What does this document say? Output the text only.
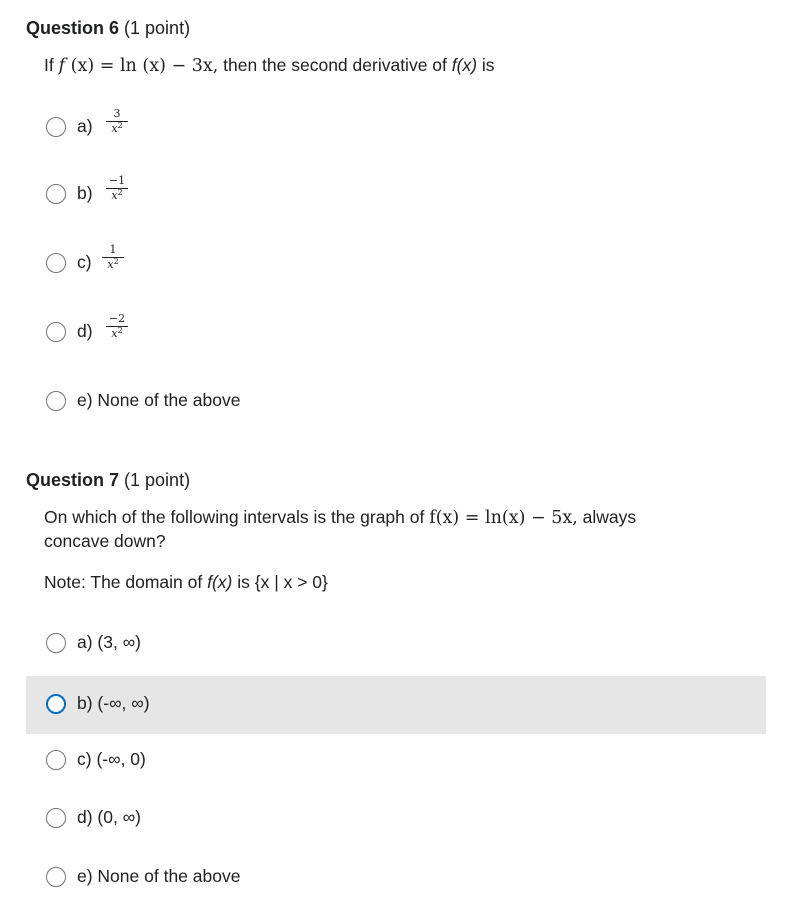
Question 6 (1 point)
If f (x) = ln (x) − 3x, then the second derivative of f(x) is
$a) \frac{3}{x^2}$
$b) \frac{-1}{x^2}$
$c) \frac{1}{x^2}$
$d) \frac{-2}{x^2}$
e) None of the above
Question 7 (1 point)
On which of the following intervals is the graph of f(x) = ln(x) − 5x, always
concave down?
Note: The domain of f(x) is {x | x > 0}
a) (3, ∞)
b) (-∞, ∞)
c) (-∞, 0)
d) (0, ∞)
e) None of the above
